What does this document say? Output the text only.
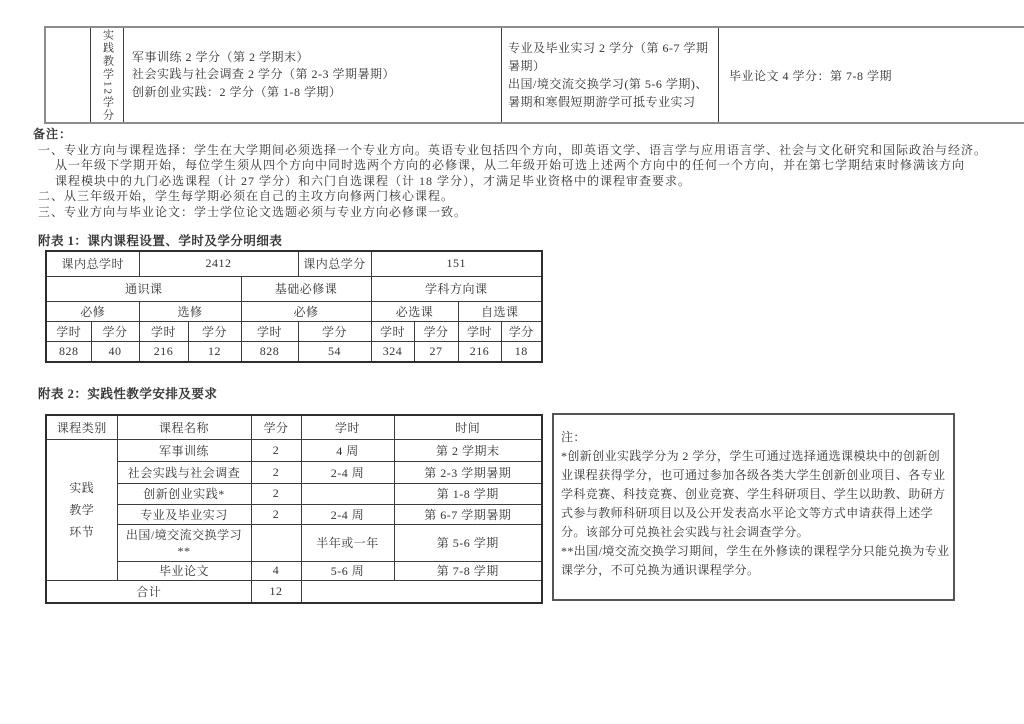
实践教学12学分	军事训练 2 学分（第 2 学期末）
社会实践与社会调查 2 学分（第 2-3 学期暑期）
创新创业实践：2 学分（第 1-8 学期）

专业及毕业实习 2 学分（第 6-7 学期
暑期）
出国/境交流交换学习(第 5-6 学期)、
暑期和寒假短期游学可抵专业实习
	毕业论文 4 学分：第 7-8 学期
备注：
一、专业方向与课程选择：学生在大学期间必须选择一个专业方向。英语专业包括四个方向，即英语文学、语言学与应用语言学、社会与文化研究和国际政治与经济。
从一年级下学期开始，每位学生须从四个方向中同时选两个方向的必修课，从二年级开始可选上述两个方向中的任何一个方向，并在第七学期结束时修满该方向
课程模块中的九门必选课程（计 27 学分）和六门自选课程（计 18 学分），才满足毕业资格中的课程审查要求。
二、从三年级开始，学生每学期必须在自己的主攻方向修两门核心课程。
三、专业方向与毕业论文：学士学位论文选题必须与专业方向必修课一致。
附表 1：课内课程设置、学时及学分明细表
课内总学时		2412			课内总学分	151			
通识课				基础必修课		学科方向课			
必修		选修		必修		必选课		自选课	
学时	学分	学时	学分	学时	学分	学时	学分	学时	学分
828	40	216	12	828	54	324	27	216	18
附表 2：实践性教学安排及要求
课程类别	课程名称	学分	学时	时间

实践
教学
环节	军事训练	2	4 周	第 2 学期末
	社会实践与社会调查	2	2-4 周	第 2-3 学期暑期
	创新创业实践*	2		第 1-8 学期
	专业及毕业实习	2	2-4 周	第 6-7 学期暑期

	出国/境交流交换学习
**		半年或一年	第 5-6 学期
	毕业论文	4	5-6 周	第 7-8 学期
合计		12		
注：
*创新创业实践学分为 2 学分，学生可通过选择通选课模块中的创新创
业课程获得学分，也可通过参加各级各类大学生创新创业项目、各专业
学科竞赛、科技竞赛、创业竞赛、学生科研项目、学生以助教、助研方
式参与教师科研项目以及公开发表高水平论文等方式申请获得上述学
分。该部分可兑换社会实践与社会调查学分。
**出国/境交流交换学习期间，学生在外修读的课程学分只能兑换为专业
课学分，不可兑换为通识课程学分。
